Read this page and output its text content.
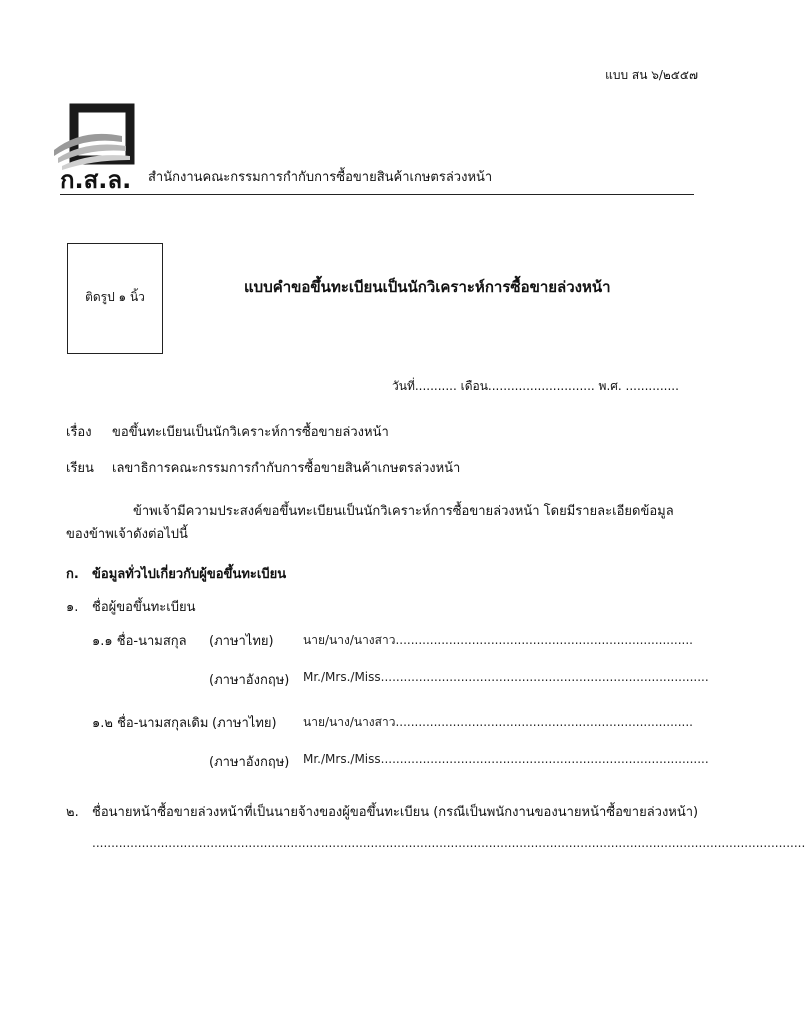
แบบ สน ๖/๒๕๕๗
ก.ส.ล. สำนักงานคณะกรรมการกำกับการซื้อขายสินค้าเกษตรล่วงหน้า
ติดรูป ๑ นิ้ว
แบบคำขอขึ้นทะเบียนเป็นนักวิเคราะห์การซื้อขายล่วงหน้า
วันที่........... เดือน............................ พ.ศ. ..............
เรื่อง ขอขึ้นทะเบียนเป็นนักวิเคราะห์การซื้อขายล่วงหน้า
เรียน เลขาธิการคณะกรรมการกำกับการซื้อขายสินค้าเกษตรล่วงหน้า
ข้าพเจ้ามีความประสงค์ขอขึ้นทะเบียนเป็นนักวิเคราะห์การซื้อขายล่วงหน้า โดยมีรายละเอียดข้อมูล
ของข้าพเจ้าดังต่อไปนี้
ก. ข้อมูลทั่วไปเกี่ยวกับผู้ขอขึ้นทะเบียน
๑. ชื่อผู้ขอขึ้นทะเบียน
๑.๑ ชื่อ-นามสกุล (ภาษาไทย) นาย/นาง/นางสาว..............................................................................
(ภาษาอังกฤษ) Mr./Mrs./Miss......................................................................................
๑.๒ ชื่อ-นามสกุลเดิม (ภาษาไทย) นาย/นาง/นางสาว..............................................................................
(ภาษาอังกฤษ) Mr./Mrs./Miss......................................................................................
๒. ชื่อนายหน้าซื้อขายล่วงหน้าที่เป็นนายจ้างของผู้ขอขึ้นทะเบียน (กรณีเป็นพนักงานของนายหน้าซื้อขายล่วงหน้า)
...........................................................................................................................................................................................
